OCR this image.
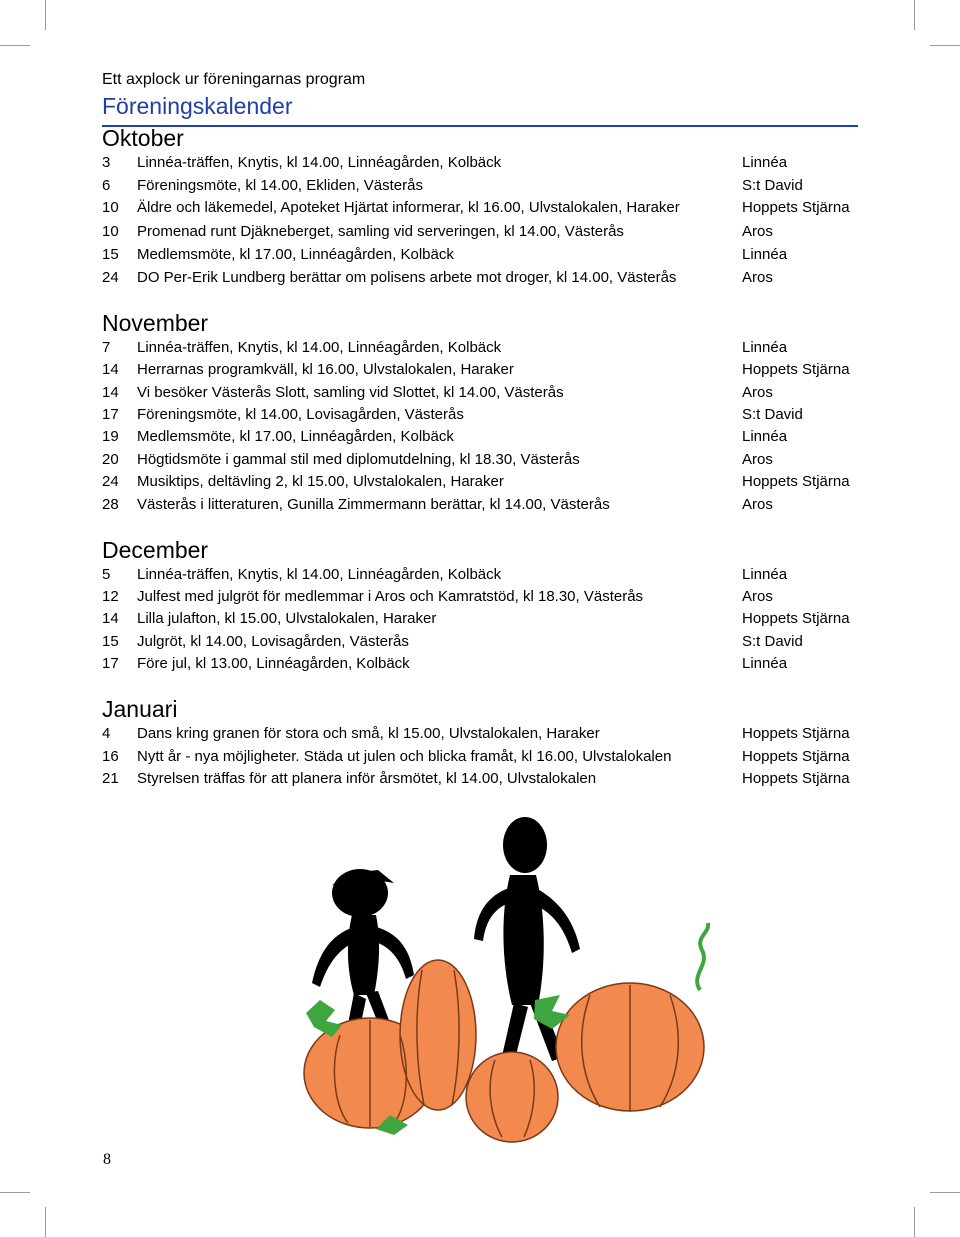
Ett axplock ur föreningarnas program
Föreningskalender
Oktober
3 Linnéa-träffen, Knytis, kl 14.00, Linnéagården, Kolbäck	Linnéa
6 Föreningsmöte, kl 14.00, Ekliden, Västerås	S:t David
10 Äldre och läkemedel, Apoteket Hjärtat informerar, kl 16.00, Ulvstalokalen, Haraker	Hoppets Stjärna
10 Promenad runt Djäkneberget, samling vid serveringen, kl 14.00, Västerås	Aros
15 Medlemsmöte, kl 17.00, Linnéagården, Kolbäck	Linnéa
24 DO Per-Erik Lundberg berättar om polisens arbete mot droger, kl 14.00, Västerås	Aros
November
7 Linnéa-träffen, Knytis, kl 14.00, Linnéagården, Kolbäck	Linnéa
14 Herrarnas programkväll, kl 16.00, Ulvstalokalen, Haraker	Hoppets Stjärna
14 Vi besöker Västerås Slott, samling vid Slottet, kl 14.00, Västerås	Aros
17 Föreningsmöte, kl 14.00, Lovisagården, Västerås	S:t David
19 Medlemsmöte, kl 17.00, Linnéagården, Kolbäck	Linnéa
20 Högtidsmöte i gammal stil med diplomutdelning, kl 18.30, Västerås	Aros
24 Musiktips, deltävling 2, kl 15.00, Ulvstalokalen, Haraker	Hoppets Stjärna
28 Västerås i litteraturen, Gunilla Zimmermann berättar, kl 14.00, Västerås	Aros
December
5 Linnéa-träffen, Knytis, kl 14.00, Linnéagården, Kolbäck	Linnéa
12 Julfest med julgröt för medlemmar i Aros och Kamratstöd, kl 18.30, Västerås	Aros
14 Lilla julafton, kl 15.00, Ulvstalokalen, Haraker	Hoppets Stjärna
15 Julgröt, kl 14.00, Lovisagården, Västerås	S:t David
17 Före jul, kl 13.00, Linnéagården, Kolbäck	Linnéa
Januari
4 Dans kring granen för stora och små, kl 15.00, Ulvstalokalen, Haraker	Hoppets Stjärna
16 Nytt år - nya möjligheter. Städa ut julen och blicka framåt, kl 16.00, Ulvstalokalen	Hoppets Stjärna
21 Styrelsen träffas för att planera inför årsmötet, kl 14.00, Ulvstalokalen	Hoppets Stjärna
8
